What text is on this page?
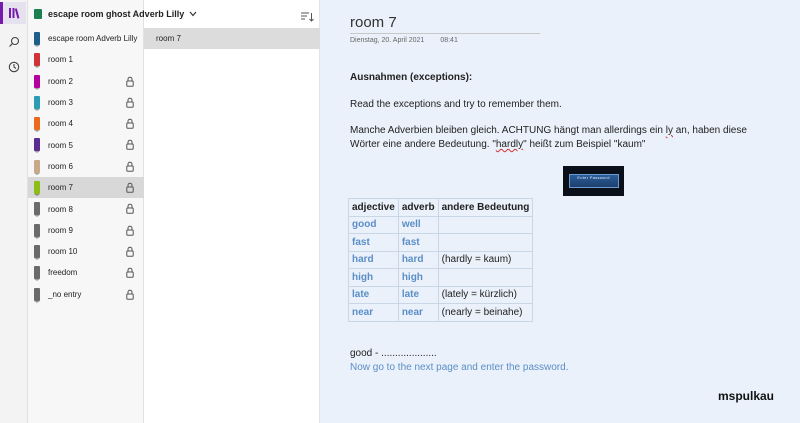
escape room ghost Adverb Lilly
escape room Adverb Lilly
room 1
room 2
room 3
room 4
room 5
room 6
room 7
room 8
room 9
room 10
freedom
_no entry
room 7
room 7
Dienstag, 20. April 2021 08:41
Ausnahmen (exceptions):
Read the exceptions and try to remember them.
Manche Adverbien bleiben gleich. ACHTUNG hängt man allerdings ein ly an, haben diese Wörter eine andere Bedeutung. "hardly" heißt zum Beispiel "kaum"
Enter Password
adjective	adverb	andere Bedeutung
good	well	
fast	fast	
hard	hard	(hardly = kaum)
high	high	
late	late	(lately = kürzlich)
near	near	(nearly = beinahe)
good - ....................
Now go to the next page and enter the password.
mspulkau
